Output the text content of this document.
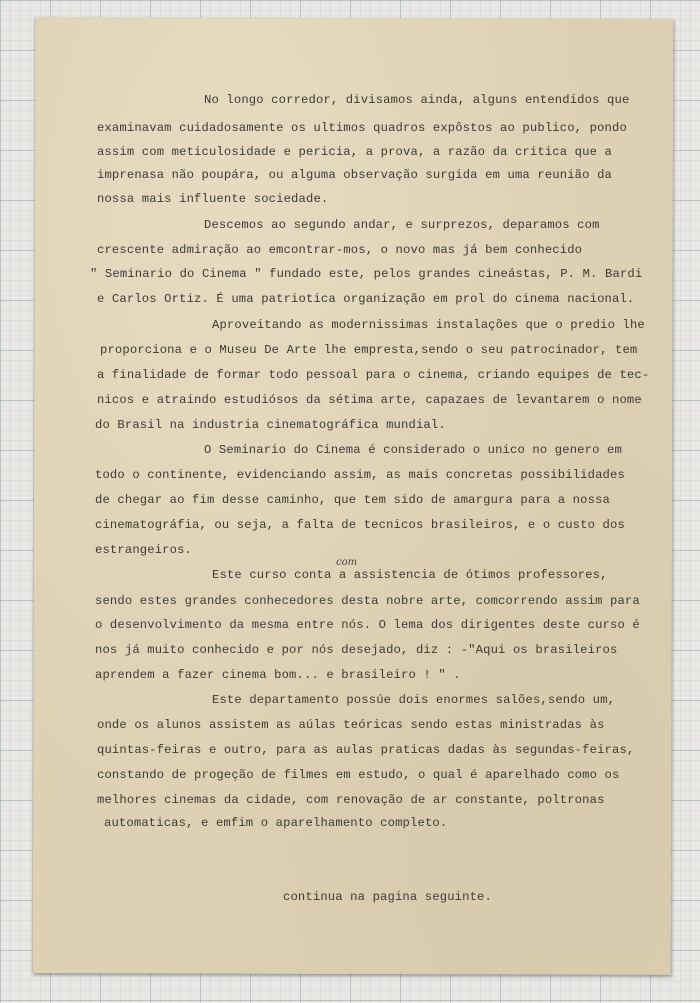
No longo corredor, divisamos ainda, alguns entendidos que
examinavam cuidadosamente os ultimos quadros expôstos ao publico, pondo
assim com meticulosidade e pericia, a prova, a razão da critica que a
imprenasa não poupára, ou alguma observação surgida em uma reunião da
nossa mais influente sociedade.
Descemos ao segundo andar, e surprezos, deparamos com
crescente admiração ao emcontrar-mos, o novo mas já bem conhecido
" Seminario do Cinema " fundado este, pelos grandes cineástas, P. M. Bardi
e Carlos Ortiz. É uma patriotica organização em prol do cinema nacional.
Aproveitando as modernissimas instalações que o predio lhe
proporciona e o Museu De Arte lhe empresta,sendo o seu patrocinador, tem
a finalidade de formar todo pessoal para o cinema, criando equipes de tec-
nicos e atraindo estudiósos da sétima arte, capazaes de levantarem o nome
do Brasil na industria cinematográfica mundial.
O Seminario do Cinema é considerado o unico no genero em
todo o continente, evidenciando assim, as mais concretas possibilidades
de chegar ao fim desse caminho, que tem sido de amargura para a nossa
cinematográfia, ou seja, a falta de tecnicos brasileiros, e o custo dos
estrangeiros.
com
Este curso conta a assistencia de ótimos professores,
sendo estes grandes conhecedores desta nobre arte, comcorrendo assim para
o desenvolvimento da mesma entre nós. O lema dos dirigentes deste curso é
nos já muito conhecido e por nós desejado, diz : -"Aqui os brasileiros
aprendem a fazer cinema bom... e brasileiro ! " .
Este departamento possúe dois enormes salões,sendo um,
onde os alunos assistem as aúlas teóricas sendo estas ministradas às
quintas-feiras e outro, para as aulas praticas dadas às segundas-feiras,
constando de progeção de filmes em estudo, o qual é aparelhado como os
melhores cinemas da cidade, com renovação de ar constante, poltronas
automaticas, e emfim o aparelhamento completo.
continua na pagina seguinte.
